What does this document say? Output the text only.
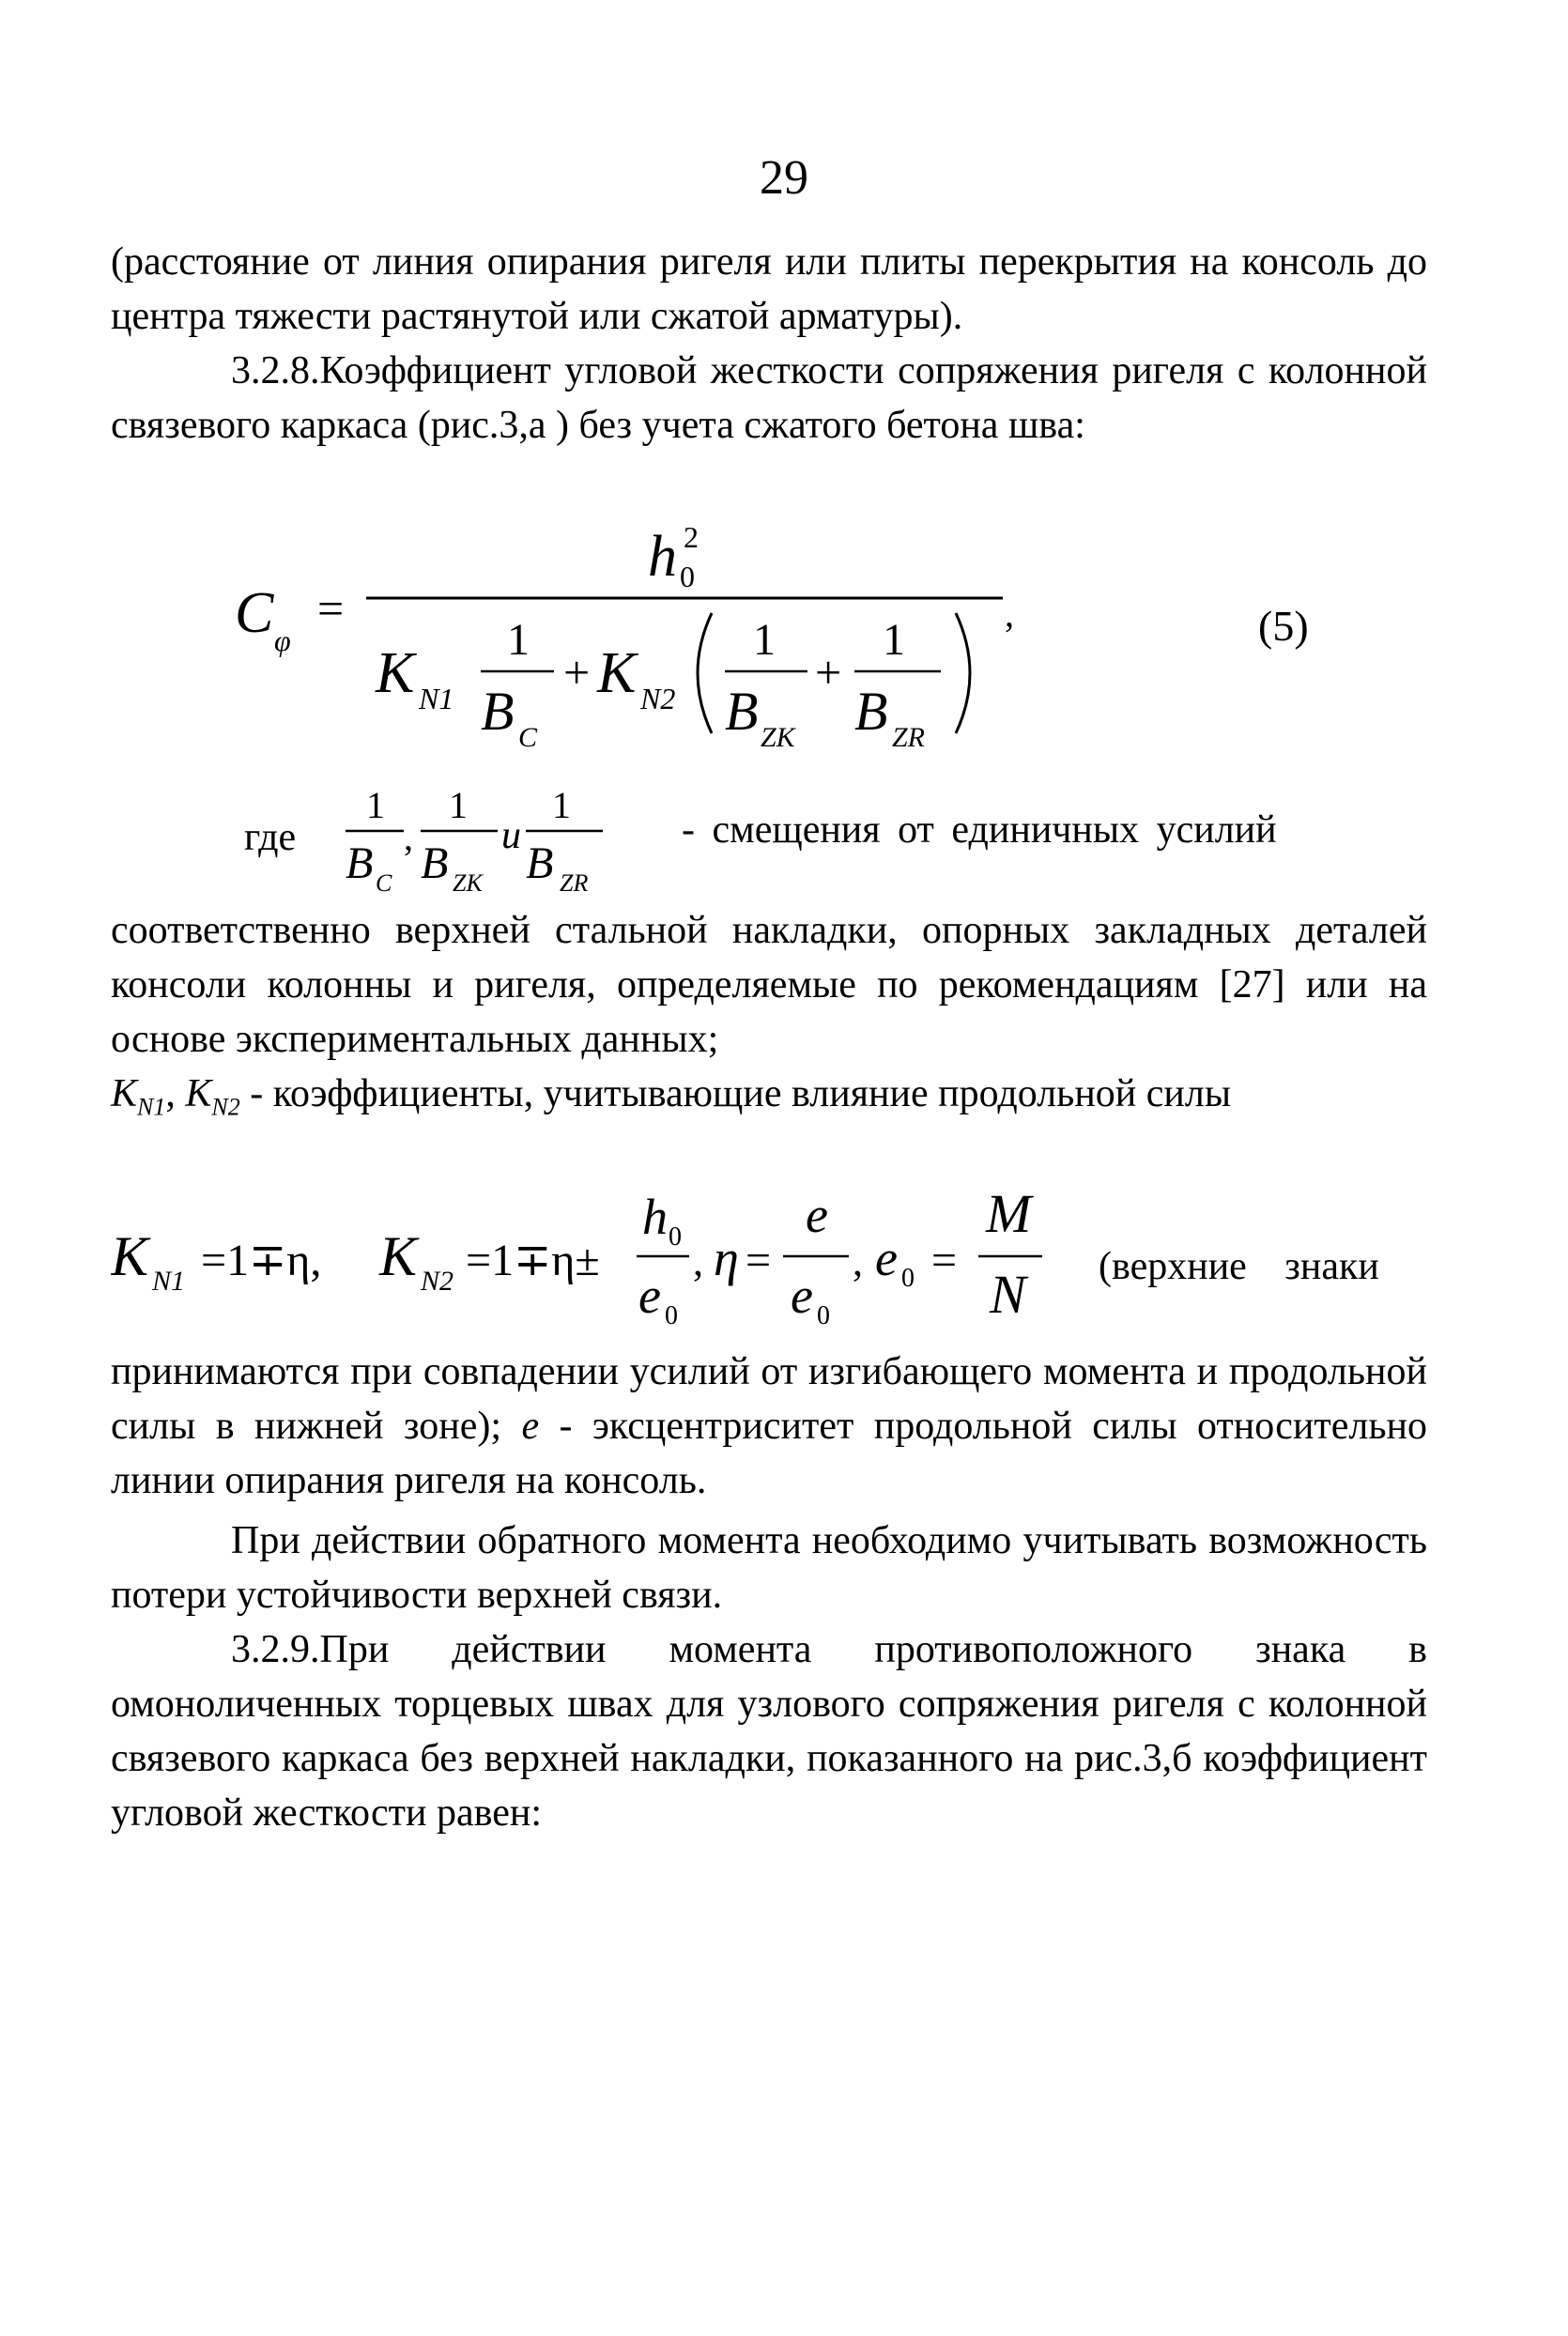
29
(расстояние от линия опирания ригеля или плиты перекрытия на консоль до центра тяжести растянутой или сжатой арматуры).
3.2.8.Коэффициент угловой жесткости сопряжения ригеля с колонной связевого каркаса (рис.3,а ) без учета сжатого бетона шва:
C φ
=
h 2
0
K N1
1
B C
+ K N2
1
B ZK
+
1
B ZR
,	(5)
где
1
B C
,
1
B ZK
и
1
B ZR
- смещения от единичных усилий
соответственно верхней стальной накладки, опорных закладных деталей консоли колонны и ригеля, определяемые по рекомендациям [27] или на основе экспериментальных данных;
$K_{N1}$, $K_{N2}$ - коэффициенты, учитывающие влияние продольной силы
K N1 =1∓η, K N2 =1∓η±
h 0
e 0
, η =
e
e 0
, e 0 =
M
N (верхние знаки
принимаются при совпадении усилий от изгибающего момента и продольной силы в нижней зоне); e - эксцентриситет продольной силы относительно линии опирания ригеля на консоль.
При действии обратного момента необходимо учитывать возможность потери устойчивости верхней связи.
3.2.9.При действии момента противоположного знака в омоноличенных торцевых швах для узлового сопряжения ригеля с колонной связевого каркаса без верхней накладки, показанного на рис.3,б коэффициент угловой жесткости равен:
